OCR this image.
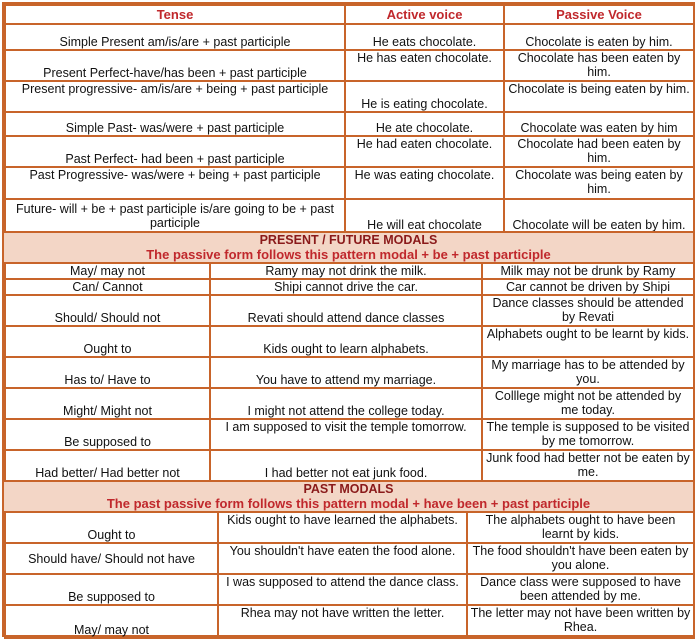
Tense	Active voice	Passive Voice
Simple Present am/is/are + past participle	He eats chocolate.	Chocolate is eaten by him.
Present Perfect-have/has been + past participle	He has eaten chocolate.	Chocolate has been eaten by him.
Present progressive- am/is/are + being + past participle	He is eating chocolate.	Chocolate is being eaten by him.
Simple Past- was/were + past participle	He ate chocolate.	Chocolate was eaten by him
Past Perfect- had been + past participle	He had eaten chocolate.	Chocolate had been eaten by him.
Past Progressive- was/were + being + past participle	He was eating chocolate.	Chocolate was being eaten by him.
Future- will + be + past participle is/are going to be + past participle	He will eat chocolate	Chocolate will be eaten by him.
PRESENT / FUTURE MODALS
The passive form follows this pattern modal + be + past participle
May/ may not	Ramy may not drink the milk.	Milk may not be drunk by Ramy
Can/ Cannot	Shipi cannot drive the car.	Car cannot be driven by Shipi
Should/ Should not	Revati should attend dance classes	Dance classes should be attended by Revati
Ought to	Kids ought to learn alphabets.	Alphabets ought to be learnt by kids.
Has to/ Have to	You have to attend my marriage.	My marriage has to be attended by you.
Might/ Might not	I might not attend the college today.	Colllege might not be attended by me today.
Be supposed to	I am supposed to visit the temple tomorrow.	The temple is supposed to be visited by me tomorrow.
Had better/ Had better not	I had better not eat junk food.	Junk food had better not be eaten by me.
PAST MODALS
The past passive form follows this pattern modal + have been + past participle
Ought to	Kids ought to have learned the alphabets.	The alphabets ought to have been learnt by kids.
Should have/ Should not have	You shouldn't have eaten the food alone.	The food shouldn't have been eaten by you alone.
Be supposed to	I was supposed to attend the dance class.	Dance class were supposed to have been attended by me.
May/ may not	Rhea may not have written the letter.	The letter may not have been written by Rhea.
